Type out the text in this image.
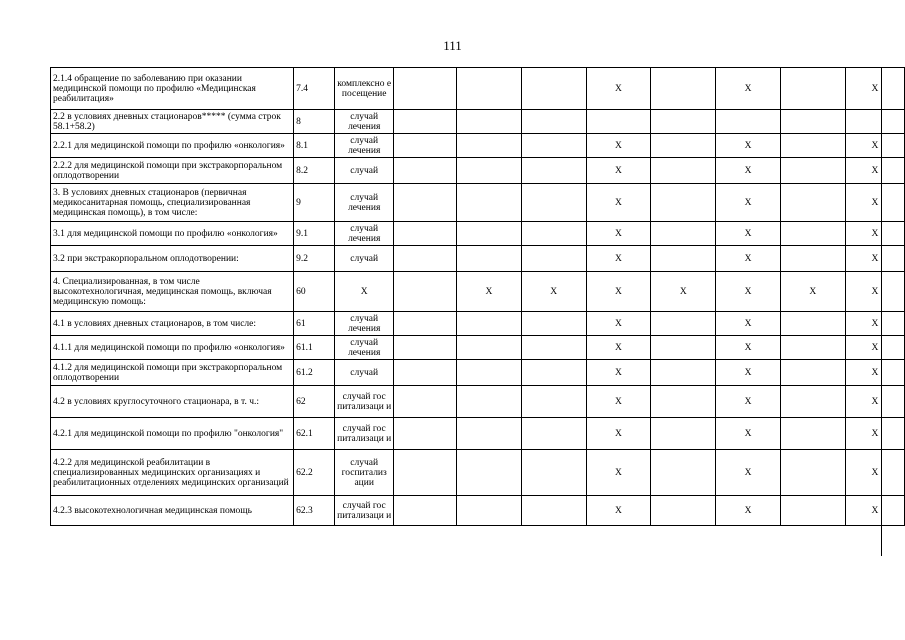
111
2.1.4 обращение по заболеванию при оказании медицинской помощи по профилю «Медицинская реабилитация»	7.4	комплексно е посещение				X		X		X
2.2 в условиях дневных стационаров***** (сумма строк 58.1+58.2)	8	случай лечения								
2.2.1 для медицинской помощи по профилю «онкология»	8.1	случай лечения				X		X		X
2.2.2 для медицинской помощи при экстракорпоральном оплодотворении	8.2	случай				X		X		X
3. В условиях дневных стационаров (первичная медикосанитарная помощь, специализированная медицинская помощь), в том числе:	9	случай лечения				X		X		X
3.1 для медицинской помощи по профилю «онкология»	9.1	случай лечения				X		X		X
3.2 при экстракорпоральном оплодотворении:	9.2	случай				X		X		X
4. Специализированная, в том числе высокотехнологичная, медицинская помощь, включая медицинскую помощь:	60	X		X	X	X	X	X	X	X
4.1 в условиях дневных стационаров, в том числе:	61	случай лечения				X		X		X
4.1.1 для медицинской помощи по профилю «онкология»	61.1	случай лечения				X		X		X
4.1.2 для медицинской помощи при экстракорпоральном оплодотворении	61.2	случай				X		X		X
4.2 в условиях круглосуточного стационара, в т. ч.:	62	случай гос питализаци и				X		X		X
4.2.1 для медицинской помощи по профилю "онкология"	62.1	случай гос питализаци и				X		X		X
4.2.2 для медицинской реабилитации в специализированных медицинских организациях и реабилитационных отделениях медицинских организаций	62.2	случай госпитализ ации				X		X		X
4.2.3 высокотехнологичная медицинская помощь	62.3	случай гос питализаци и				X		X		X
